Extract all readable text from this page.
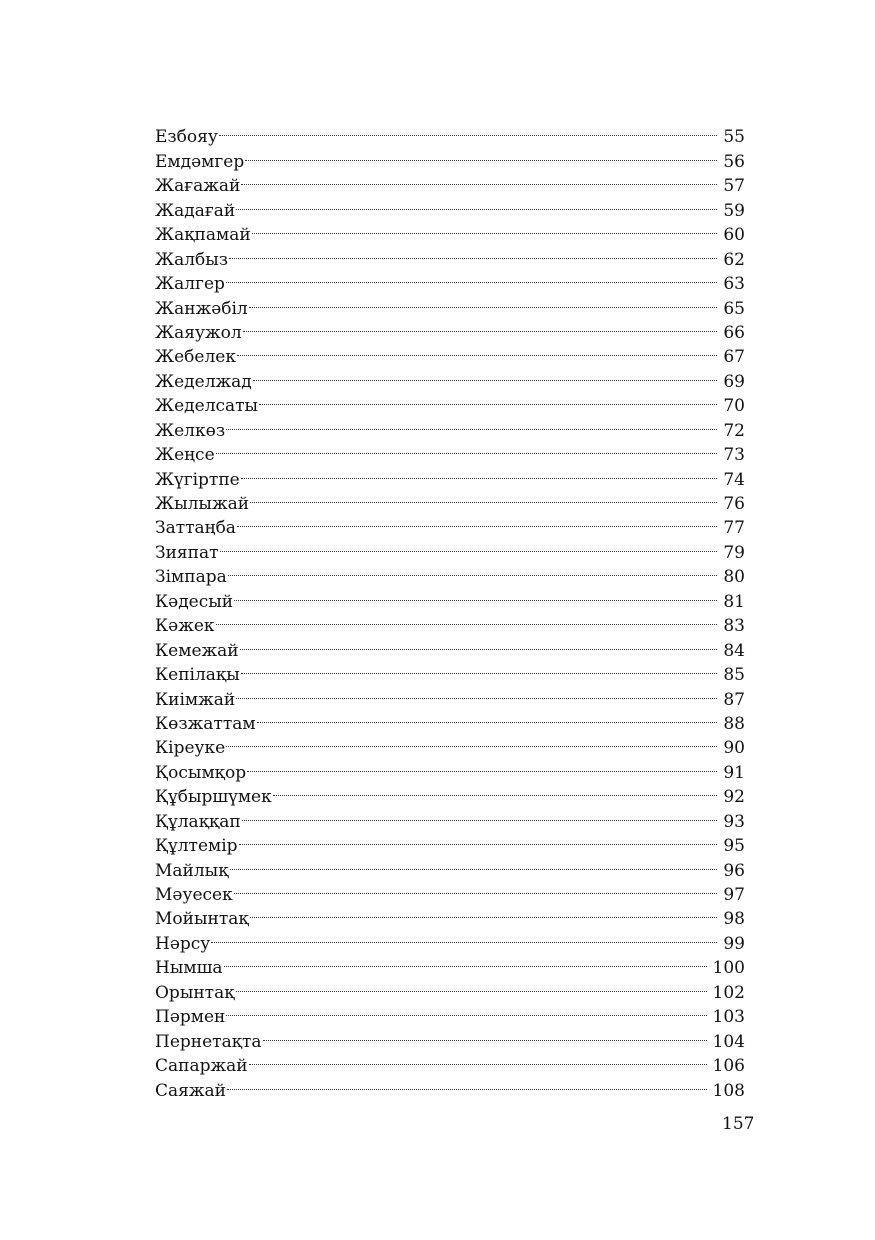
Езбояу	55
Емдәмгер	56
Жағажай	57
Жадағай	59
Жақпамай	60
Жалбыз	62
Жалгер	63
Жанжәбіл	65
Жаяужол	66
Жебелек	67
Жеделжад	69
Жеделсаты	70
Желкөз	72
Жеңсе	73
Жүгіртпе	74
Жылыжай	76
Заттаңба	77
Зияпат	79
Зімпара	80
Кәдесый	81
Кәжек	83
Кемежай	84
Кепілақы	85
Киімжай	87
Көзжаттам	88
Кіреуке	90
Қосымқор	91
Құбыршүмек	92
Құлаққап	93
Құлтемір	95
Майлық	96
Мәуесек	97
Мойынтақ	98
Нәрсу	99
Нымша	100
Орынтақ	102
Пәрмен	103
Пернетақта	104
Сапаржай	106
Саяжай	108
157
